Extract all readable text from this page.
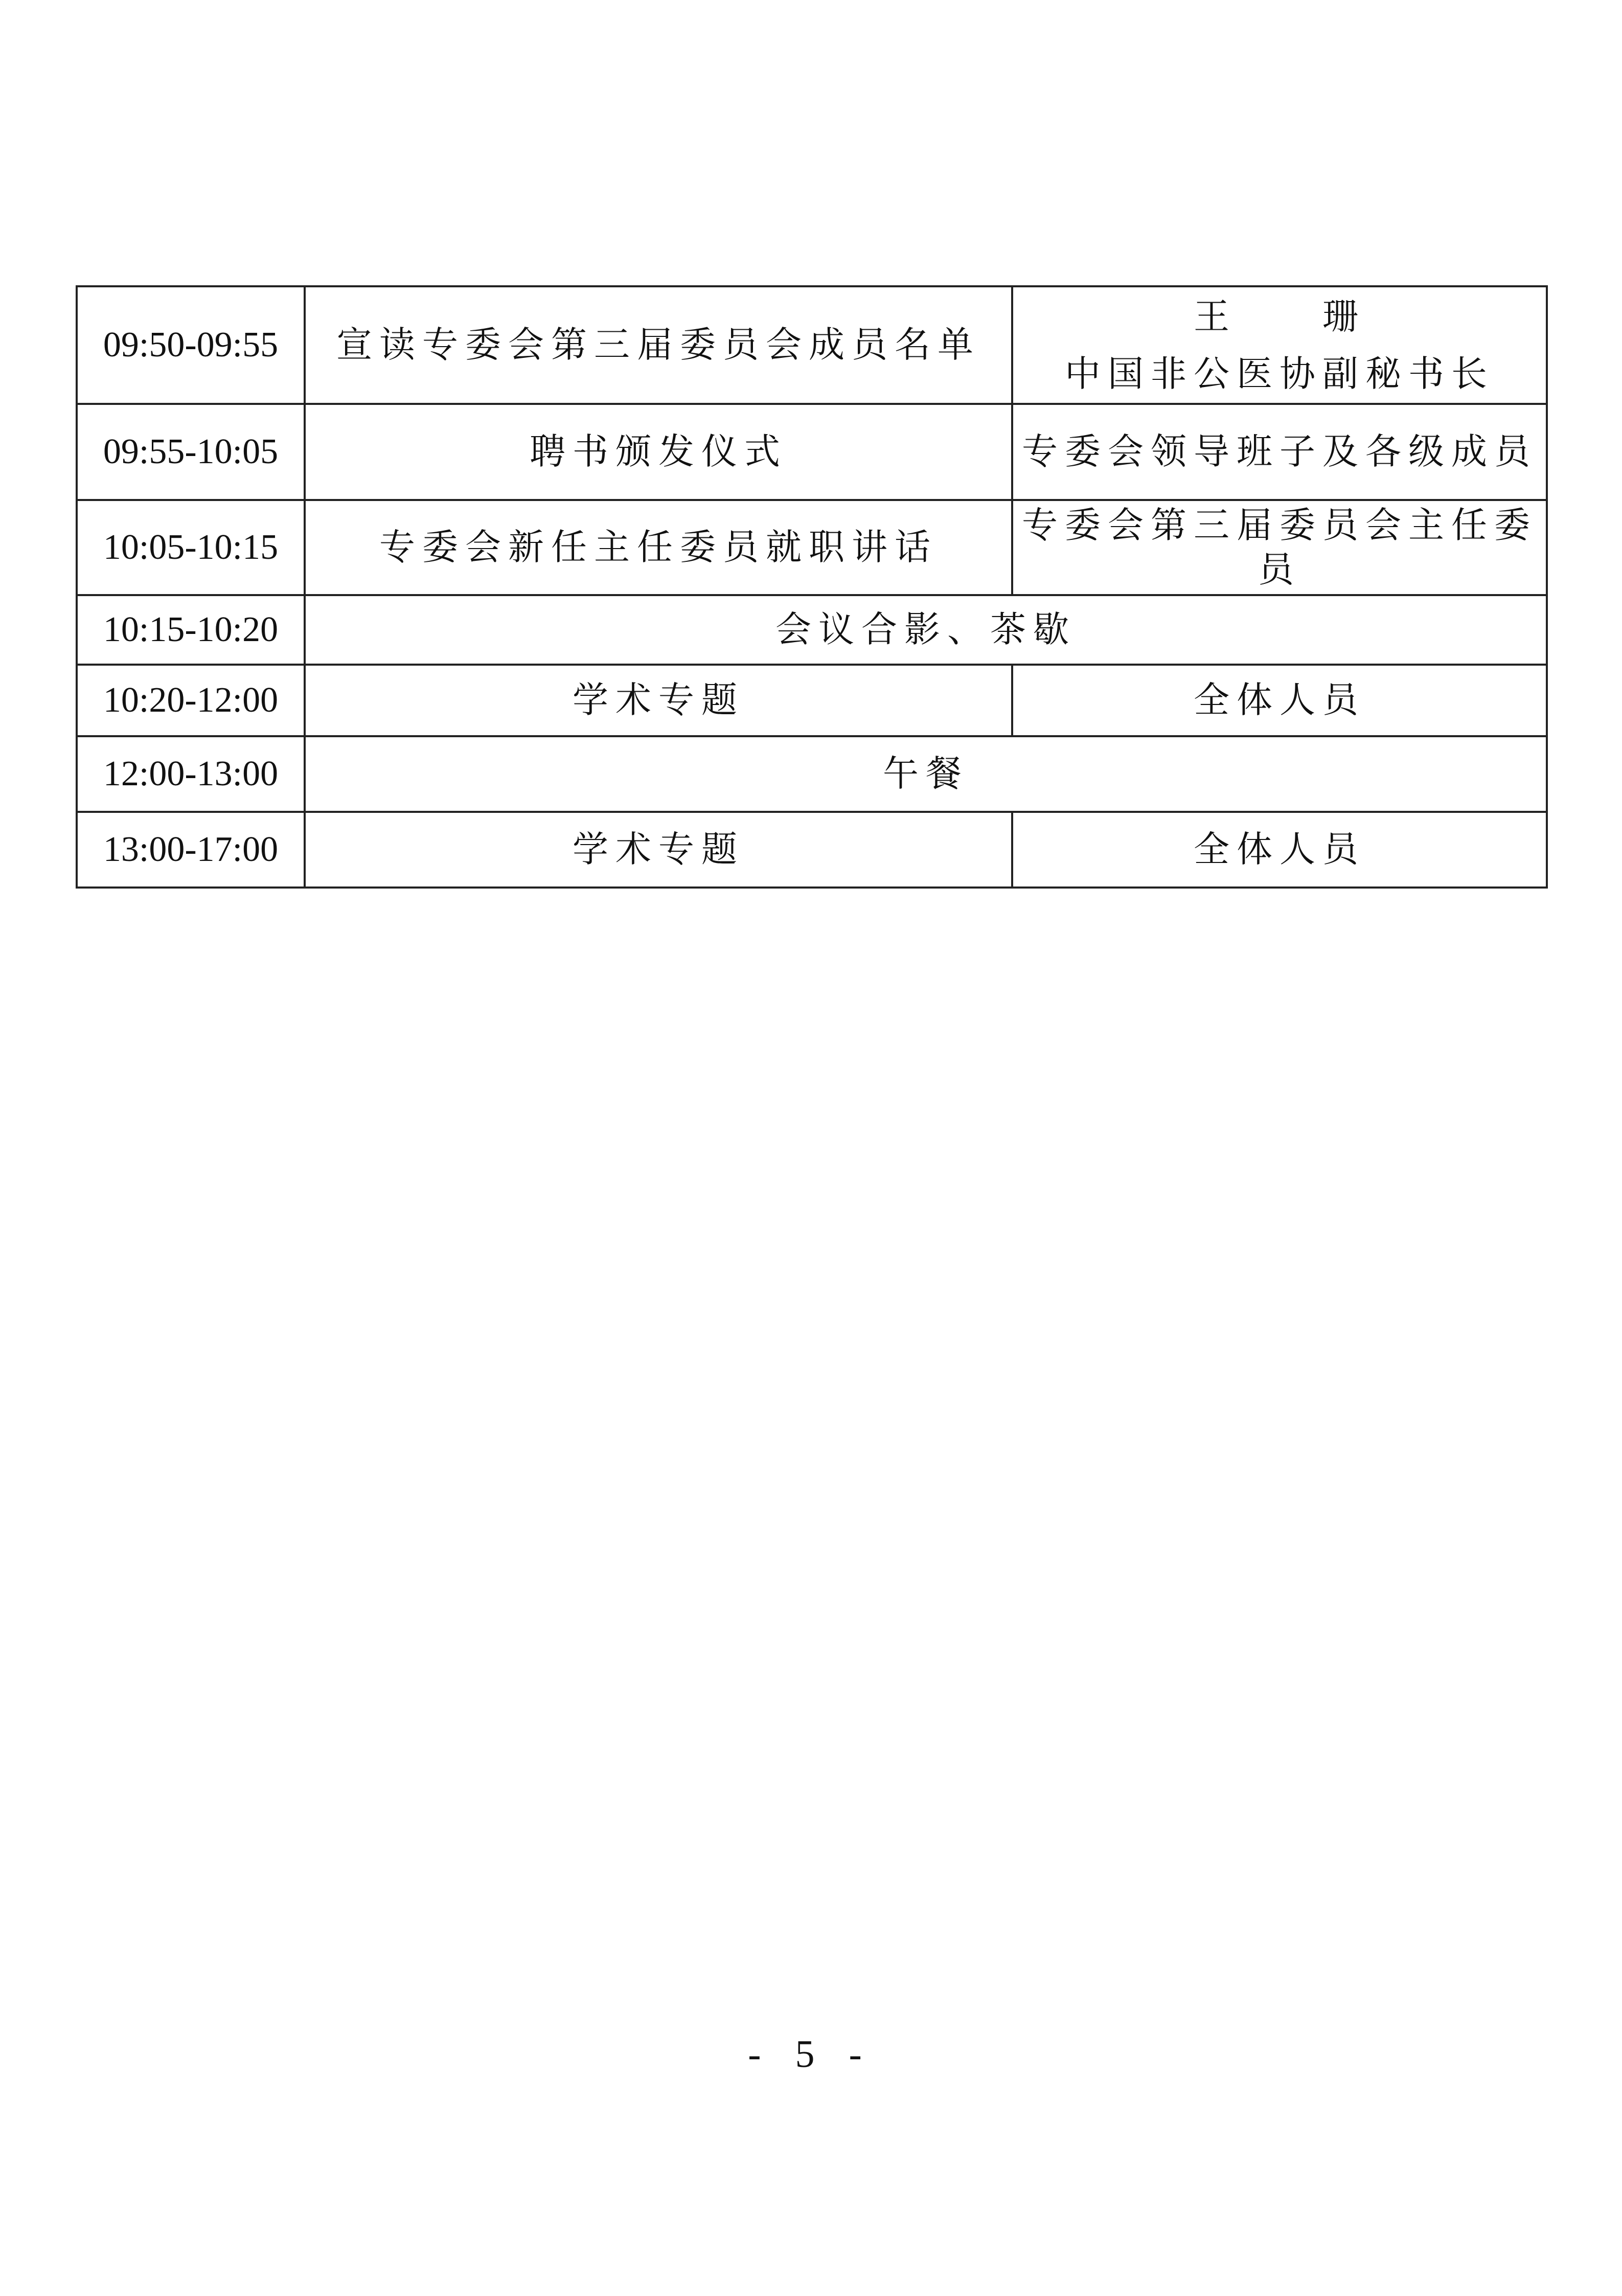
09:50-09:55	宣读专委会第三届委员会成员名单	王　　珊
中国非公医协副秘书长

09:55-10:05	聘书颁发仪式	专委会领导班子及各级成员
10:05-10:15	专委会新任主任委员就职讲话	专委会第三届委员会主任委员
10:15-10:20	会议合影、茶歇	
10:20-12:00	学术专题	全体人员
12:00-13:00	午餐	
13:00-17:00	学术专题	全体人员
- 5 -
